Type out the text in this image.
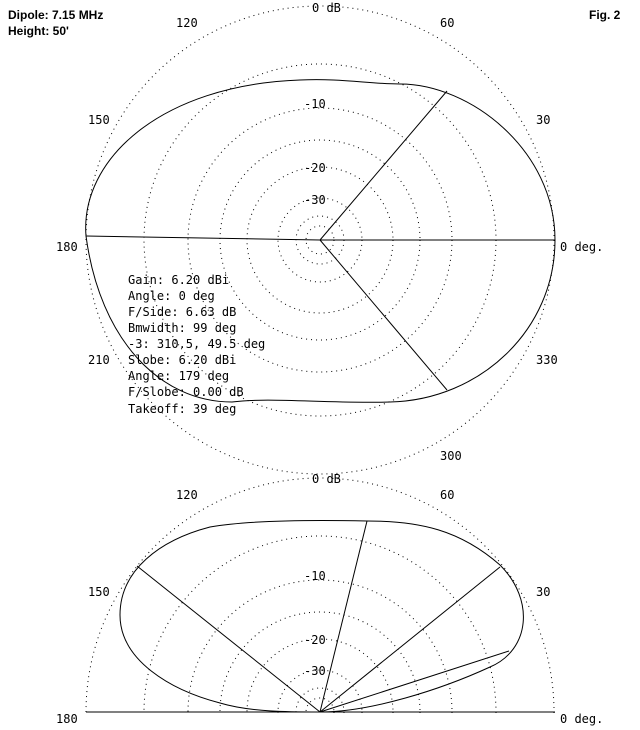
Dipole: 7.15 MHz
Height: 50'
Fig. 2
0 dB
120	60
150	30
180	0 deg.
210	330
300
-10
-20
-30
Gain: 6.20 dBi
Angle: 0 deg
F/Side: 6.63 dB
Bmwidth: 99 deg
-3: 310.5, 49.5 deg
Slobe: 6.20 dBi
Angle: 179 deg
F/Slobe: 0.00 dB
Takeoff: 39 deg
0 dB
120	60
150	30
180	0 deg.
-10
-20
-30
